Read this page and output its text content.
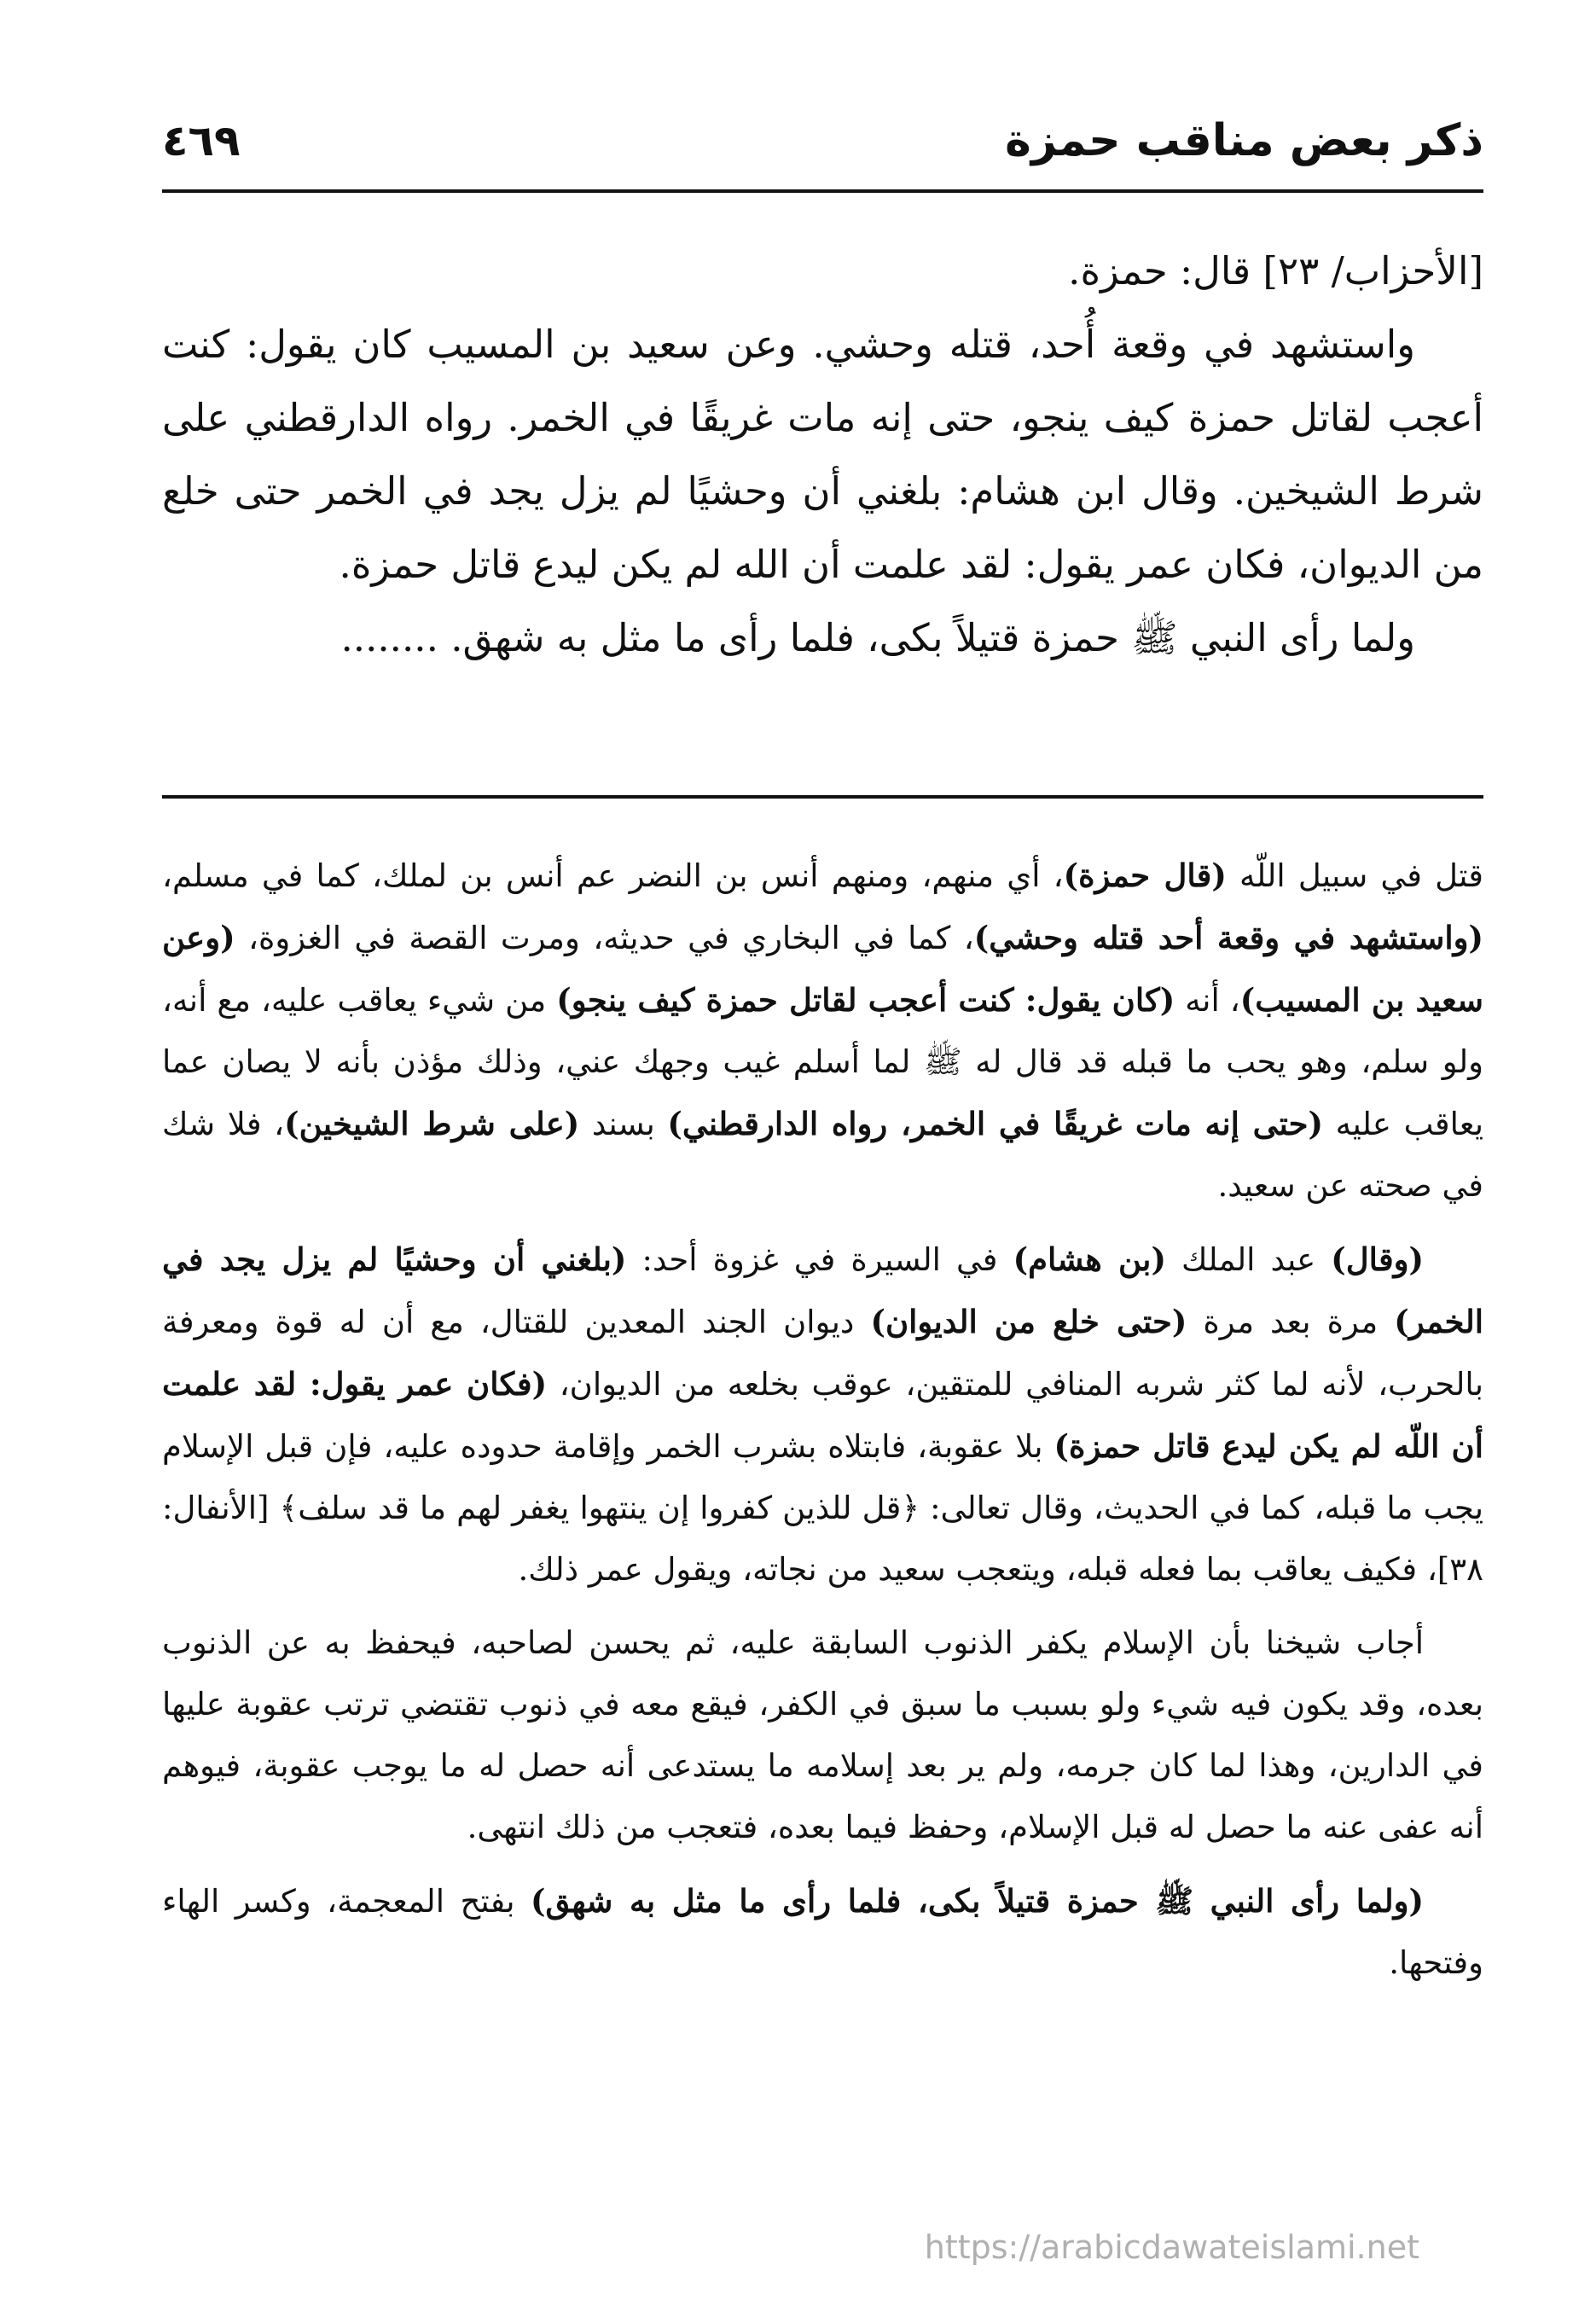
ذكر بعض مناقب حمزة
٤٦٩

[الأحزاب/ ٢٣] قال: حمزة.

واستشهد في وقعة أُحد، قتله وحشي. وعن سعيد بن المسيب كان يقول: كنت أعجب لقاتل حمزة كيف ينجو، حتى إنه مات غريقًا في الخمر. رواه الدارقطني على شرط الشيخين. وقال ابن هشام: بلغني أن وحشيًا لم يزل يجد في الخمر حتى خلع من الديوان، فكان عمر يقول: لقد علمت أن الله لم يكن ليدع قاتل حمزة.

ولما رأى النبي ﷺ حمزة قتيلاً بكى، فلما رأى ما مثل به شهق. ........

قتل في سبيل اللّه (قال حمزة)، أي منهم، ومنهم أنس بن النضر عم أنس بن لملك، كما في مسلم، (واستشهد في وقعة أحد قتله وحشي)، كما في البخاري في حديثه، ومرت القصة في الغزوة، (وعن سعيد بن المسيب)، أنه (كان يقول: كنت أعجب لقاتل حمزة كيف ينجو) من شيء يعاقب عليه، مع أنه، ولو سلم، وهو يحب ما قبله قد قال له ﷺ لما أسلم غيب وجهك عني، وذلك مؤذن بأنه لا يصان عما يعاقب عليه (حتى إنه مات غريقًا في الخمر، رواه الدارقطني) بسند (على شرط الشيخين)، فلا شك في صحته عن سعيد.

(وقال) عبد الملك (بن هشام) في السيرة في غزوة أحد: (بلغني أن وحشيًا لم يزل يجد في الخمر) مرة بعد مرة (حتى خلع من الديوان) ديوان الجند المعدين للقتال، مع أن له قوة ومعرفة بالحرب، لأنه لما كثر شربه المنافي للمتقين، عوقب بخلعه من الديوان، (فكان عمر يقول: لقد علمت أن اللّه لم يكن ليدع قاتل حمزة) بلا عقوبة، فابتلاه بشرب الخمر وإقامة حدوده عليه، فإن قبل الإسلام يجب ما قبله، كما في الحديث، وقال تعالى: ﴿قل للذين كفروا إن ينتهوا يغفر لهم ما قد سلف﴾ [الأنفال: ٣٨]، فكيف يعاقب بما فعله قبله، ويتعجب سعيد من نجاته، ويقول عمر ذلك.

أجاب شيخنا بأن الإسلام يكفر الذنوب السابقة عليه، ثم يحسن لصاحبه، فيحفظ به عن الذنوب بعده، وقد يكون فيه شيء ولو بسبب ما سبق في الكفر، فيقع معه في ذنوب تقتضي ترتب عقوبة عليها في الدارين، وهذا لما كان جرمه، ولم ير بعد إسلامه ما يستدعى أنه حصل له ما يوجب عقوبة، فيوهم أنه عفى عنه ما حصل له قبل الإسلام، وحفظ فيما بعده، فتعجب من ذلك انتهى.

(ولما رأى النبي ﷺ حمزة قتيلاً بكى، فلما رأى ما مثل به شهق) بفتح المعجمة، وكسر الهاء وفتحها.

https://arabicdawateislami.net
